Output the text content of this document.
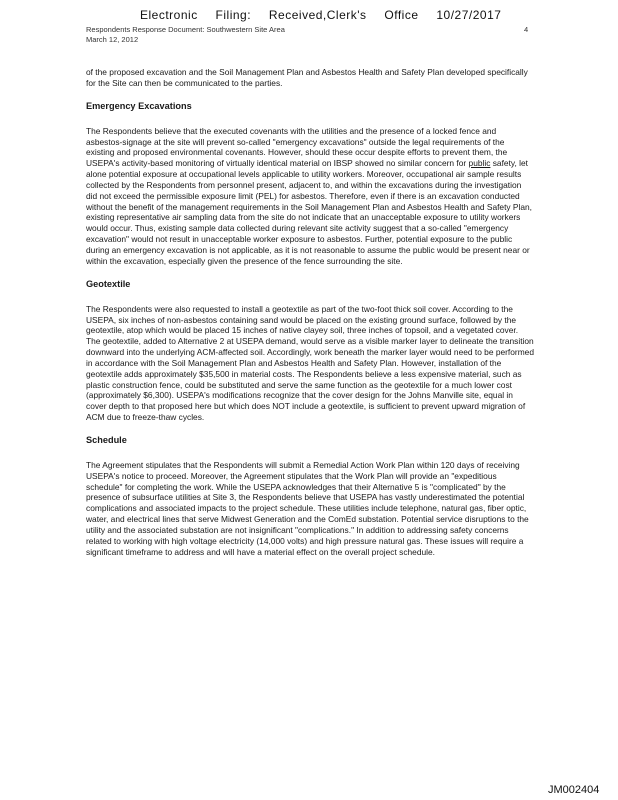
Electronic Filing: Received,Clerk's Office 10/27/2017
Respondents Response Document: Southwestern Site Area
March 12, 2012
4

of the proposed excavation and the Soil Management Plan and Asbestos Health and Safety Plan developed specifically for the Site can then be communicated to the parties.

Emergency Excavations

The Respondents believe that the executed covenants with the utilities and the presence of a locked fence and asbestos-signage at the site will prevent so-called "emergency excavations" outside the legal requirements of the existing and proposed environmental covenants. However, should these occur despite efforts to prevent them, the USEPA's activity-based monitoring of virtually identical material on IBSP showed no similar concern for public safety, let alone potential exposure at occupational levels applicable to utility workers. Moreover, occupational air sample results collected by the Respondents from personnel present, adjacent to, and within the excavations during the investigation did not exceed the permissible exposure limit (PEL) for asbestos. Therefore, even if there is an excavation conducted without the benefit of the management requirements in the Soil Management Plan and Asbestos Health and Safety Plan, existing representative air sampling data from the site do not indicate that an unacceptable exposure to utility workers would occur. Thus, existing sample data collected during relevant site activity suggest that a so-called "emergency excavation" would not result in unacceptable worker exposure to asbestos. Further, potential exposure to the public during an emergency excavation is not applicable, as it is not reasonable to assume the public would be present near or within the excavation, especially given the presence of the fence surrounding the site.

Geotextile

The Respondents were also requested to install a geotextile as part of the two-foot thick soil cover. According to the USEPA, six inches of non-asbestos containing sand would be placed on the existing ground surface, followed by the geotextile, atop which would be placed 15 inches of native clayey soil, three inches of topsoil, and a vegetated cover. The geotextile, added to Alternative 2 at USEPA demand, would serve as a visible marker layer to delineate the transition downward into the underlying ACM-affected soil. Accordingly, work beneath the marker layer would need to be performed in accordance with the Soil Management Plan and Asbestos Health and Safety Plan. However, installation of the geotextile adds approximately $35,500 in material costs. The Respondents believe a less expensive material, such as plastic construction fence, could be substituted and serve the same function as the geotextile for a much lower cost (approximately $6,300). USEPA's modifications recognize that the cover design for the Johns Manville site, equal in cover depth to that proposed here but which does NOT include a geotextile, is sufficient to prevent upward migration of ACM due to freeze-thaw cycles.

Schedule

The Agreement stipulates that the Respondents will submit a Remedial Action Work Plan within 120 days of receiving USEPA's notice to proceed. Moreover, the Agreement stipulates that the Work Plan will provide an "expeditious schedule" for completing the work. While the USEPA acknowledges that their Alternative 5 is "complicated" by the presence of subsurface utilities at Site 3, the Respondents believe that USEPA has vastly underestimated the potential complications and associated impacts to the project schedule. These utilities include telephone, natural gas, fiber optic, water, and electrical lines that serve Midwest Generation and the ComEd substation. Potential service disruptions to the utility and the associated substation are not insignificant "complications." In addition to addressing safety concerns related to working with high voltage electricity (14,000 volts) and high pressure natural gas. These issues will require a significant timeframe to address and will have a material effect on the overall project schedule.

JM002404
